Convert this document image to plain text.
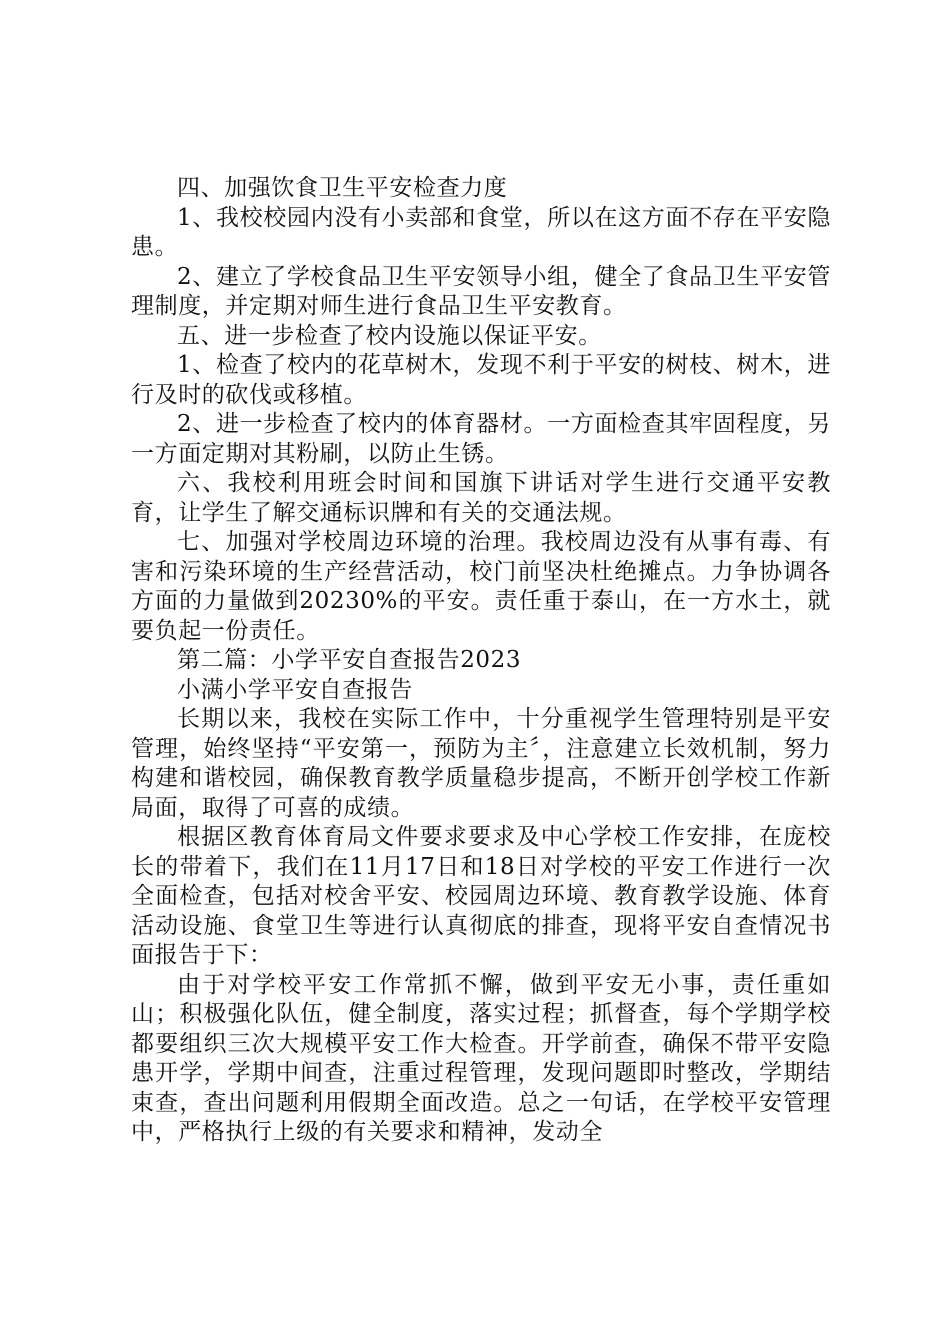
四、加强饮食卫生平安检查力度

1、我校校园内没有小卖部和食堂，所以在这方面不存在平安隐患。

2、建立了学校食品卫生平安领导小组，健全了食品卫生平安管理制度，并定期对师生进行食品卫生平安教育。

五、进一步检查了校内设施以保证平安。

1、检查了校内的花草树木，发现不利于平安的树枝、树木，进行及时的砍伐或移植。

2、进一步检查了校内的体育器材。一方面检查其牢固程度，另一方面定期对其粉刷，以防止生锈。

六、我校利用班会时间和国旗下讲话对学生进行交通平安教育，让学生了解交通标识牌和有关的交通法规。

七、加强对学校周边环境的治理。我校周边没有从事有毒、有害和污染环境的生产经营活动，校门前坚决杜绝摊点。力争协调各方面的力量做到20230%的平安。责任重于泰山，在一方水土，就要负起一份责任。

第二篇：小学平安自查报告2023

小满小学平安自查报告

长期以来，我校在实际工作中，十分重视学生管理特别是平安管理，始终坚持“平安第一，预防为主〞，注意建立长效机制，努力构建和谐校园，确保教育教学质量稳步提高，不断开创学校工作新局面，取得了可喜的成绩。

根据区教育体育局文件要求要求及中心学校工作安排，在庞校长的带着下，我们在11月17日和18日对学校的平安工作进行一次全面检查，包括对校舍平安、校园周边环境、教育教学设施、体育活动设施、食堂卫生等进行认真彻底的排查，现将平安自查情况书面报告于下：

由于对学校平安工作常抓不懈，做到平安无小事，责任重如山；积极强化队伍，健全制度，落实过程；抓督查，每个学期学校都要组织三次大规模平安工作大检查。开学前查，确保不带平安隐患开学，学期中间查，注重过程管理，发现问题即时整改，学期结束查，查出问题利用假期全面改造。总之一句话，在学校平安管理中，严格执行上级的有关要求和精神，发动全
